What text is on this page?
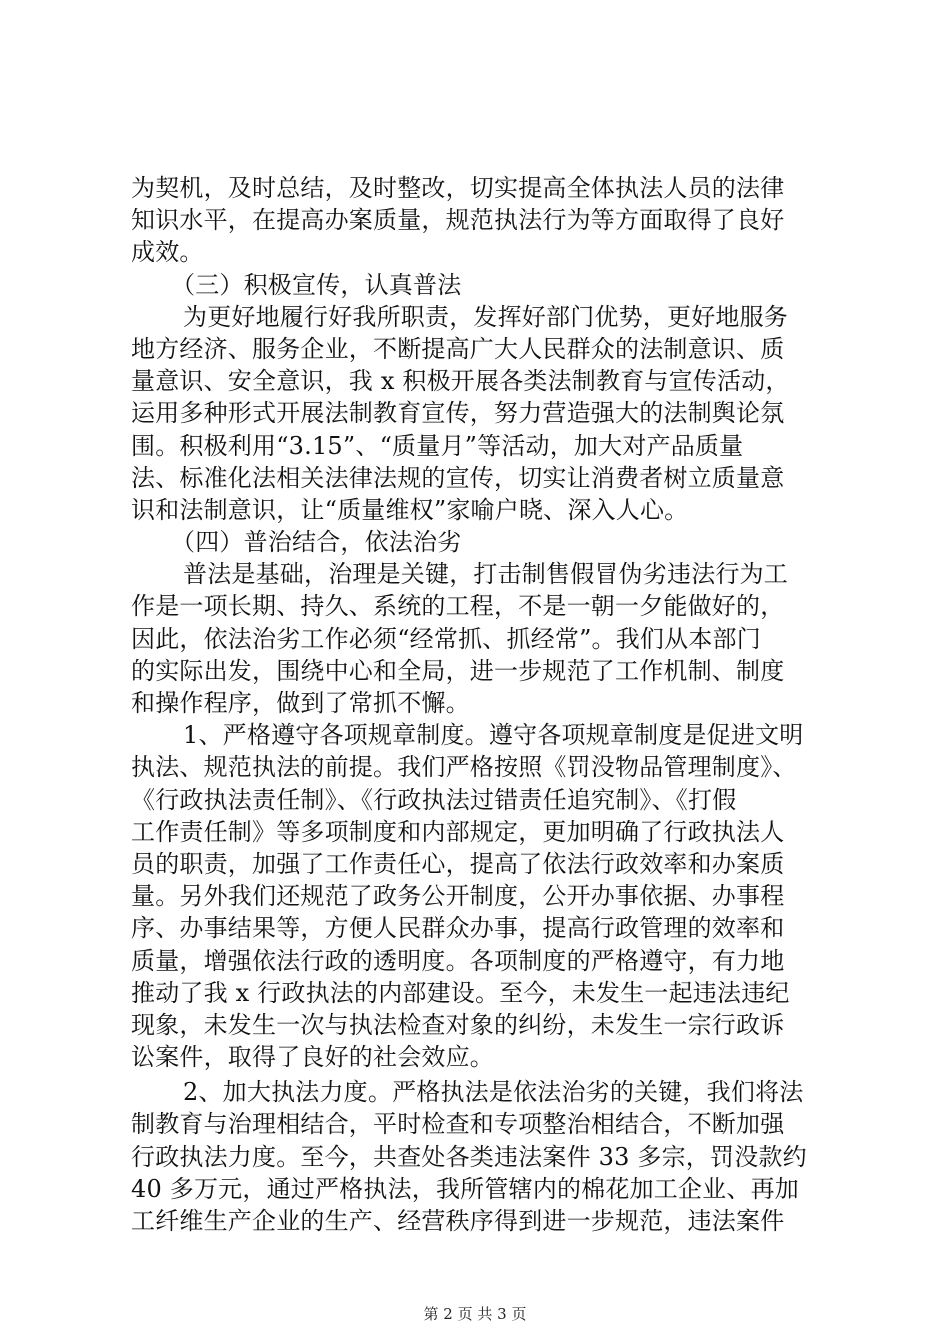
为契机，及时总结，及时整改，切实提高全体执法人员的法律
知识水平，在提高办案质量，规范执法行为等方面取得了良好
成效。
（三）积极宣传，认真普法
为更好地履行好我所职责，发挥好部门优势，更好地服务
地方经济、服务企业，不断提高广大人民群众的法制意识、质
量意识、安全意识，我 x 积极开展各类法制教育与宣传活动，
运用多种形式开展法制教育宣传，努力营造强大的法制舆论氛
围。积极利用“3.15”、“质量月”等活动，加大对产品质量
法、标准化法相关法律法规的宣传，切实让消费者树立质量意
识和法制意识，让“质量维权”家喻户晓、深入人心。
（四）普治结合，依法治劣
普法是基础，治理是关键，打击制售假冒伪劣违法行为工
作是一项长期、持久、系统的工程，不是一朝一夕能做好的，
因此，依法治劣工作必须“经常抓、抓经常”。我们从本部门
的实际出发，围绕中心和全局，进一步规范了工作机制、制度
和操作程序，做到了常抓不懈。
1、严格遵守各项规章制度。遵守各项规章制度是促进文明
执法、规范执法的前提。我们严格按照《罚没物品管理制度》、
《行政执法责任制》、《行政执法过错责任追究制》、《打假
工作责任制》等多项制度和内部规定，更加明确了行政执法人
员的职责，加强了工作责任心，提高了依法行政效率和办案质
量。另外我们还规范了政务公开制度，公开办事依据、办事程
序、办事结果等，方便人民群众办事，提高行政管理的效率和
质量，增强依法行政的透明度。各项制度的严格遵守，有力地
推动了我 x 行政执法的内部建设。至今，未发生一起违法违纪
现象，未发生一次与执法检查对象的纠纷，未发生一宗行政诉
讼案件，取得了良好的社会效应。
2、加大执法力度。严格执法是依法治劣的关键，我们将法
制教育与治理相结合，平时检查和专项整治相结合，不断加强
行政执法力度。至今，共查处各类违法案件 33 多宗，罚没款约
40 多万元，通过严格执法，我所管辖内的棉花加工企业、再加
工纤维生产企业的生产、经营秩序得到进一步规范，违法案件
第 2 页 共 3 页
